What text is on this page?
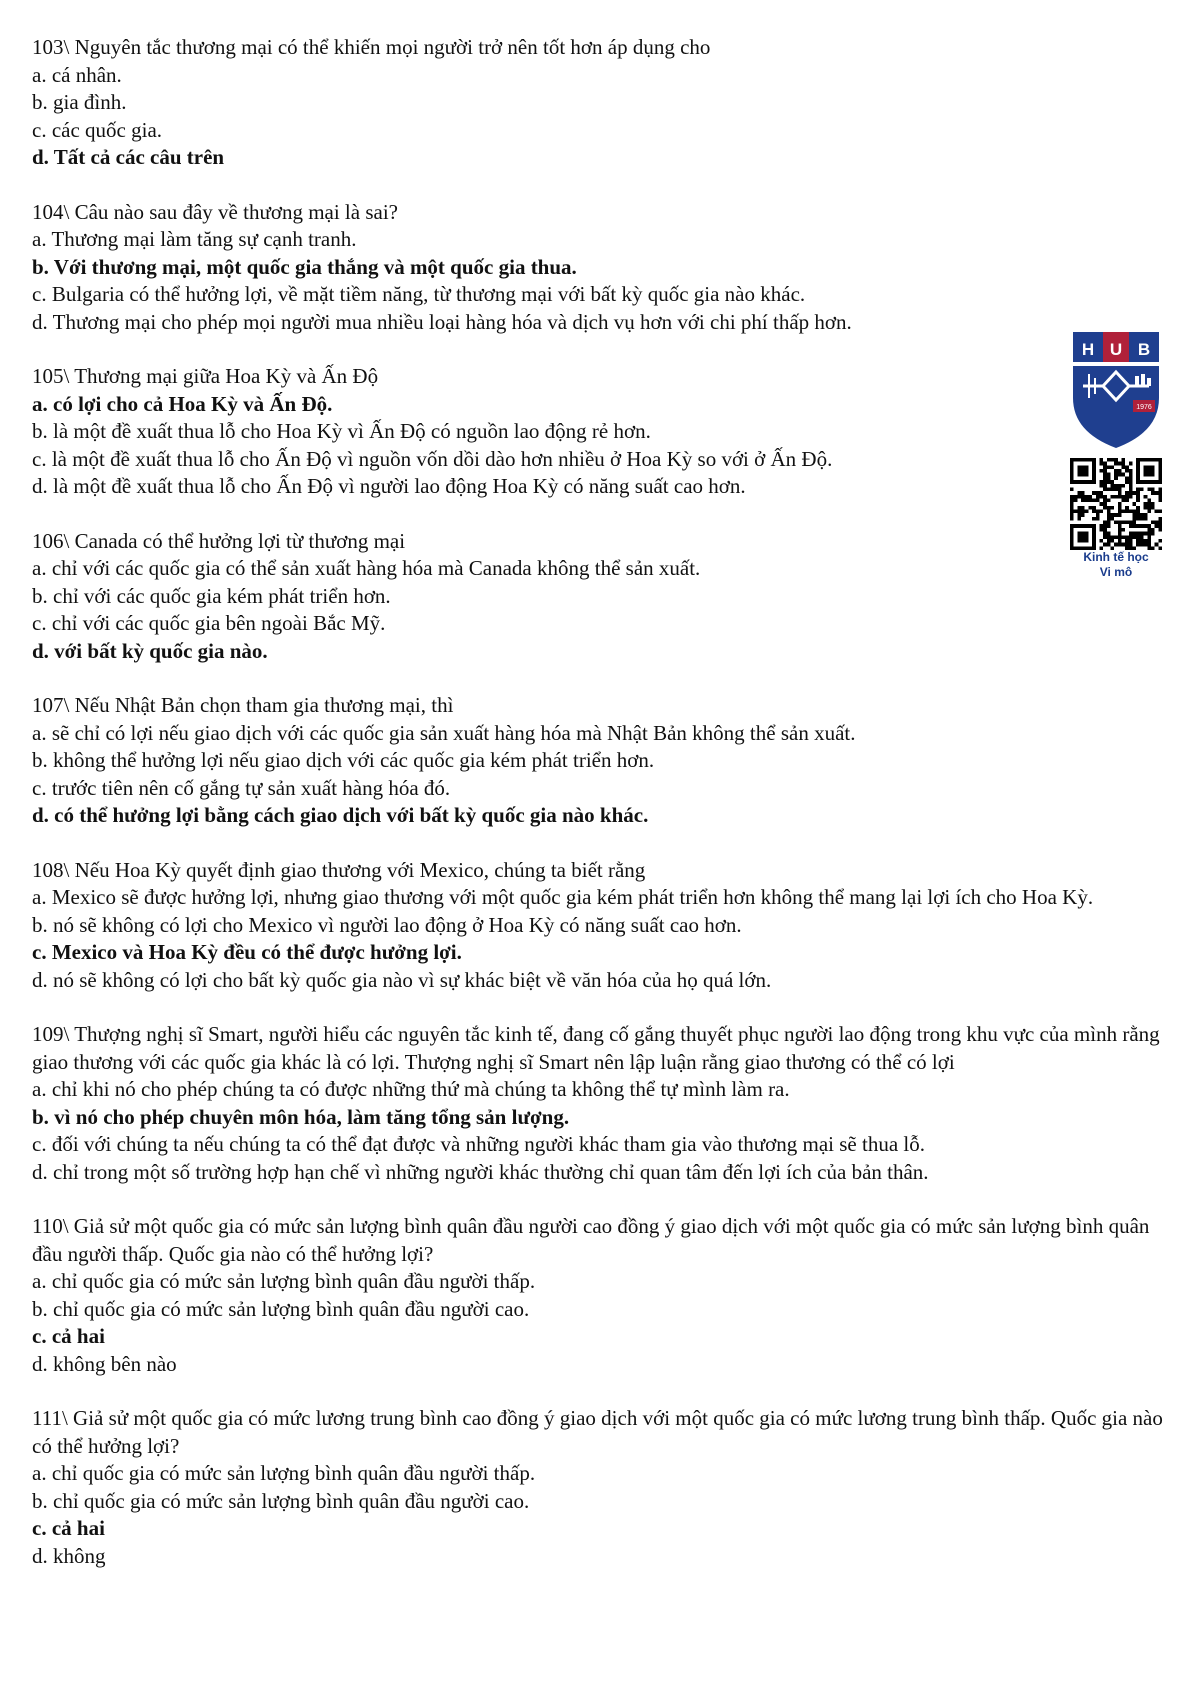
103\ Nguyên tắc thương mại có thể khiến mọi người trở nên tốt hơn áp dụng cho

a. cá nhân.

b. gia đình.

c. các quốc gia.

d. Tất cả các câu trên

104\ Câu nào sau đây về thương mại là sai?

a. Thương mại làm tăng sự cạnh tranh.

b. Với thương mại, một quốc gia thắng và một quốc gia thua.

c. Bulgaria có thể hưởng lợi, về mặt tiềm năng, từ thương mại với bất kỳ quốc gia nào khác.

d. Thương mại cho phép mọi người mua nhiều loại hàng hóa và dịch vụ hơn với chi phí thấp hơn.

105\ Thương mại giữa Hoa Kỳ và Ấn Độ

a. có lợi cho cả Hoa Kỳ và Ấn Độ.

b. là một đề xuất thua lỗ cho Hoa Kỳ vì Ấn Độ có nguồn lao động rẻ hơn.

c. là một đề xuất thua lỗ cho Ấn Độ vì nguồn vốn dồi dào hơn nhiều ở Hoa Kỳ so với ở Ấn Độ.

d. là một đề xuất thua lỗ cho Ấn Độ vì người lao động Hoa Kỳ có năng suất cao hơn.

106\ Canada có thể hưởng lợi từ thương mại

a. chỉ với các quốc gia có thể sản xuất hàng hóa mà Canada không thể sản xuất.

b. chỉ với các quốc gia kém phát triển hơn.

c. chỉ với các quốc gia bên ngoài Bắc Mỹ.

d. với bất kỳ quốc gia nào.

107\ Nếu Nhật Bản chọn tham gia thương mại, thì

a. sẽ chỉ có lợi nếu giao dịch với các quốc gia sản xuất hàng hóa mà Nhật Bản không thể sản xuất.

b. không thể hưởng lợi nếu giao dịch với các quốc gia kém phát triển hơn.

c. trước tiên nên cố gắng tự sản xuất hàng hóa đó.

d. có thể hưởng lợi bằng cách giao dịch với bất kỳ quốc gia nào khác.

108\ Nếu Hoa Kỳ quyết định giao thương với Mexico, chúng ta biết rằng

a. Mexico sẽ được hưởng lợi, nhưng giao thương với một quốc gia kém phát triển hơn không thể mang lại lợi ích cho Hoa Kỳ.

b. nó sẽ không có lợi cho Mexico vì người lao động ở Hoa Kỳ có năng suất cao hơn.

c. Mexico và Hoa Kỳ đều có thể được hưởng lợi.

d. nó sẽ không có lợi cho bất kỳ quốc gia nào vì sự khác biệt về văn hóa của họ quá lớn.

109\ Thượng nghị sĩ Smart, người hiểu các nguyên tắc kinh tế, đang cố gắng thuyết phục người lao động trong khu vực của mình rằng giao thương với các quốc gia khác là có lợi. Thượng nghị sĩ Smart nên lập luận rằng giao thương có thể có lợi

a. chỉ khi nó cho phép chúng ta có được những thứ mà chúng ta không thể tự mình làm ra.

b. vì nó cho phép chuyên môn hóa, làm tăng tổng sản lượng.

c. đối với chúng ta nếu chúng ta có thể đạt được và những người khác tham gia vào thương mại sẽ thua lỗ.

d. chỉ trong một số trường hợp hạn chế vì những người khác thường chỉ quan tâm đến lợi ích của bản thân.

110\ Giả sử một quốc gia có mức sản lượng bình quân đầu người cao đồng ý giao dịch với một quốc gia có mức sản lượng bình quân đầu người thấp. Quốc gia nào có thể hưởng lợi?

a. chỉ quốc gia có mức sản lượng bình quân đầu người thấp.

b. chỉ quốc gia có mức sản lượng bình quân đầu người cao.

c. cả hai

d. không bên nào

111\ Giả sử một quốc gia có mức lương trung bình cao đồng ý giao dịch với một quốc gia có mức lương trung bình thấp. Quốc gia nào có thể hưởng lợi?

a. chỉ quốc gia có mức sản lượng bình quân đầu người thấp.

b. chỉ quốc gia có mức sản lượng bình quân đầu người cao.

c. cả hai

d. không

H U B
1976
Kinh tế học
Vi mô
